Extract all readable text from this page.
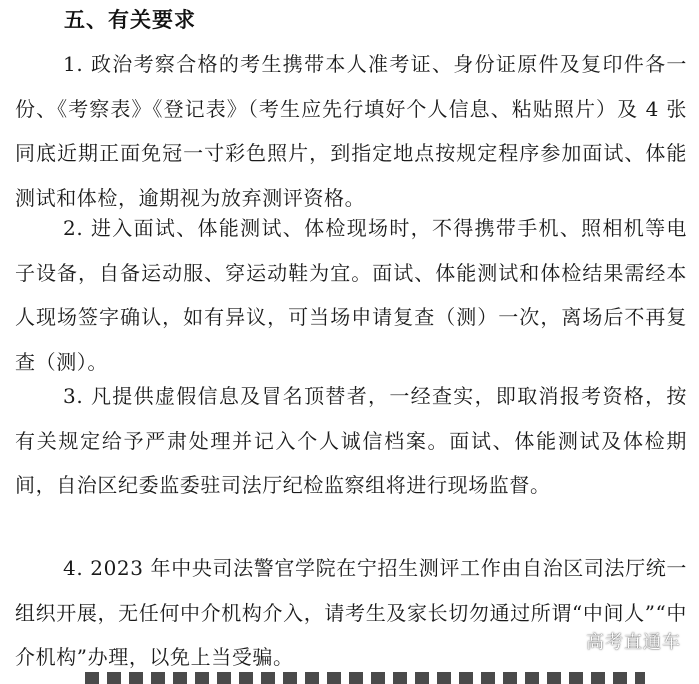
五、有关要求

1. 政治考察合格的考生携带本人准考证、身份证原件及复印件各一份、《考察表》《登记表》（考生应先行填好个人信息、粘贴照片）及 4 张同底近期正面免冠一寸彩色照片，到指定地点按规定程序参加面试、体能测试和体检，逾期视为放弃测评资格。

2. 进入面试、体能测试、体检现场时，不得携带手机、照相机等电子设备，自备运动服、穿运动鞋为宜。面试、体能测试和体检结果需经本人现场签字确认，如有异议，可当场申请复查（测）一次，离场后不再复查（测）。

3. 凡提供虚假信息及冒名顶替者，一经查实，即取消报考资格，按有关规定给予严肃处理并记入个人诚信档案。面试、体能测试及体检期间，自治区纪委监委驻司法厅纪检监察组将进行现场监督。

4. 2023 年中央司法警官学院在宁招生测评工作由自治区司法厅统一组织开展，无任何中介机构介入，请考生及家长切勿通过所谓“中间人”“中介机构”办理，以免上当受骗。

高考直通车
